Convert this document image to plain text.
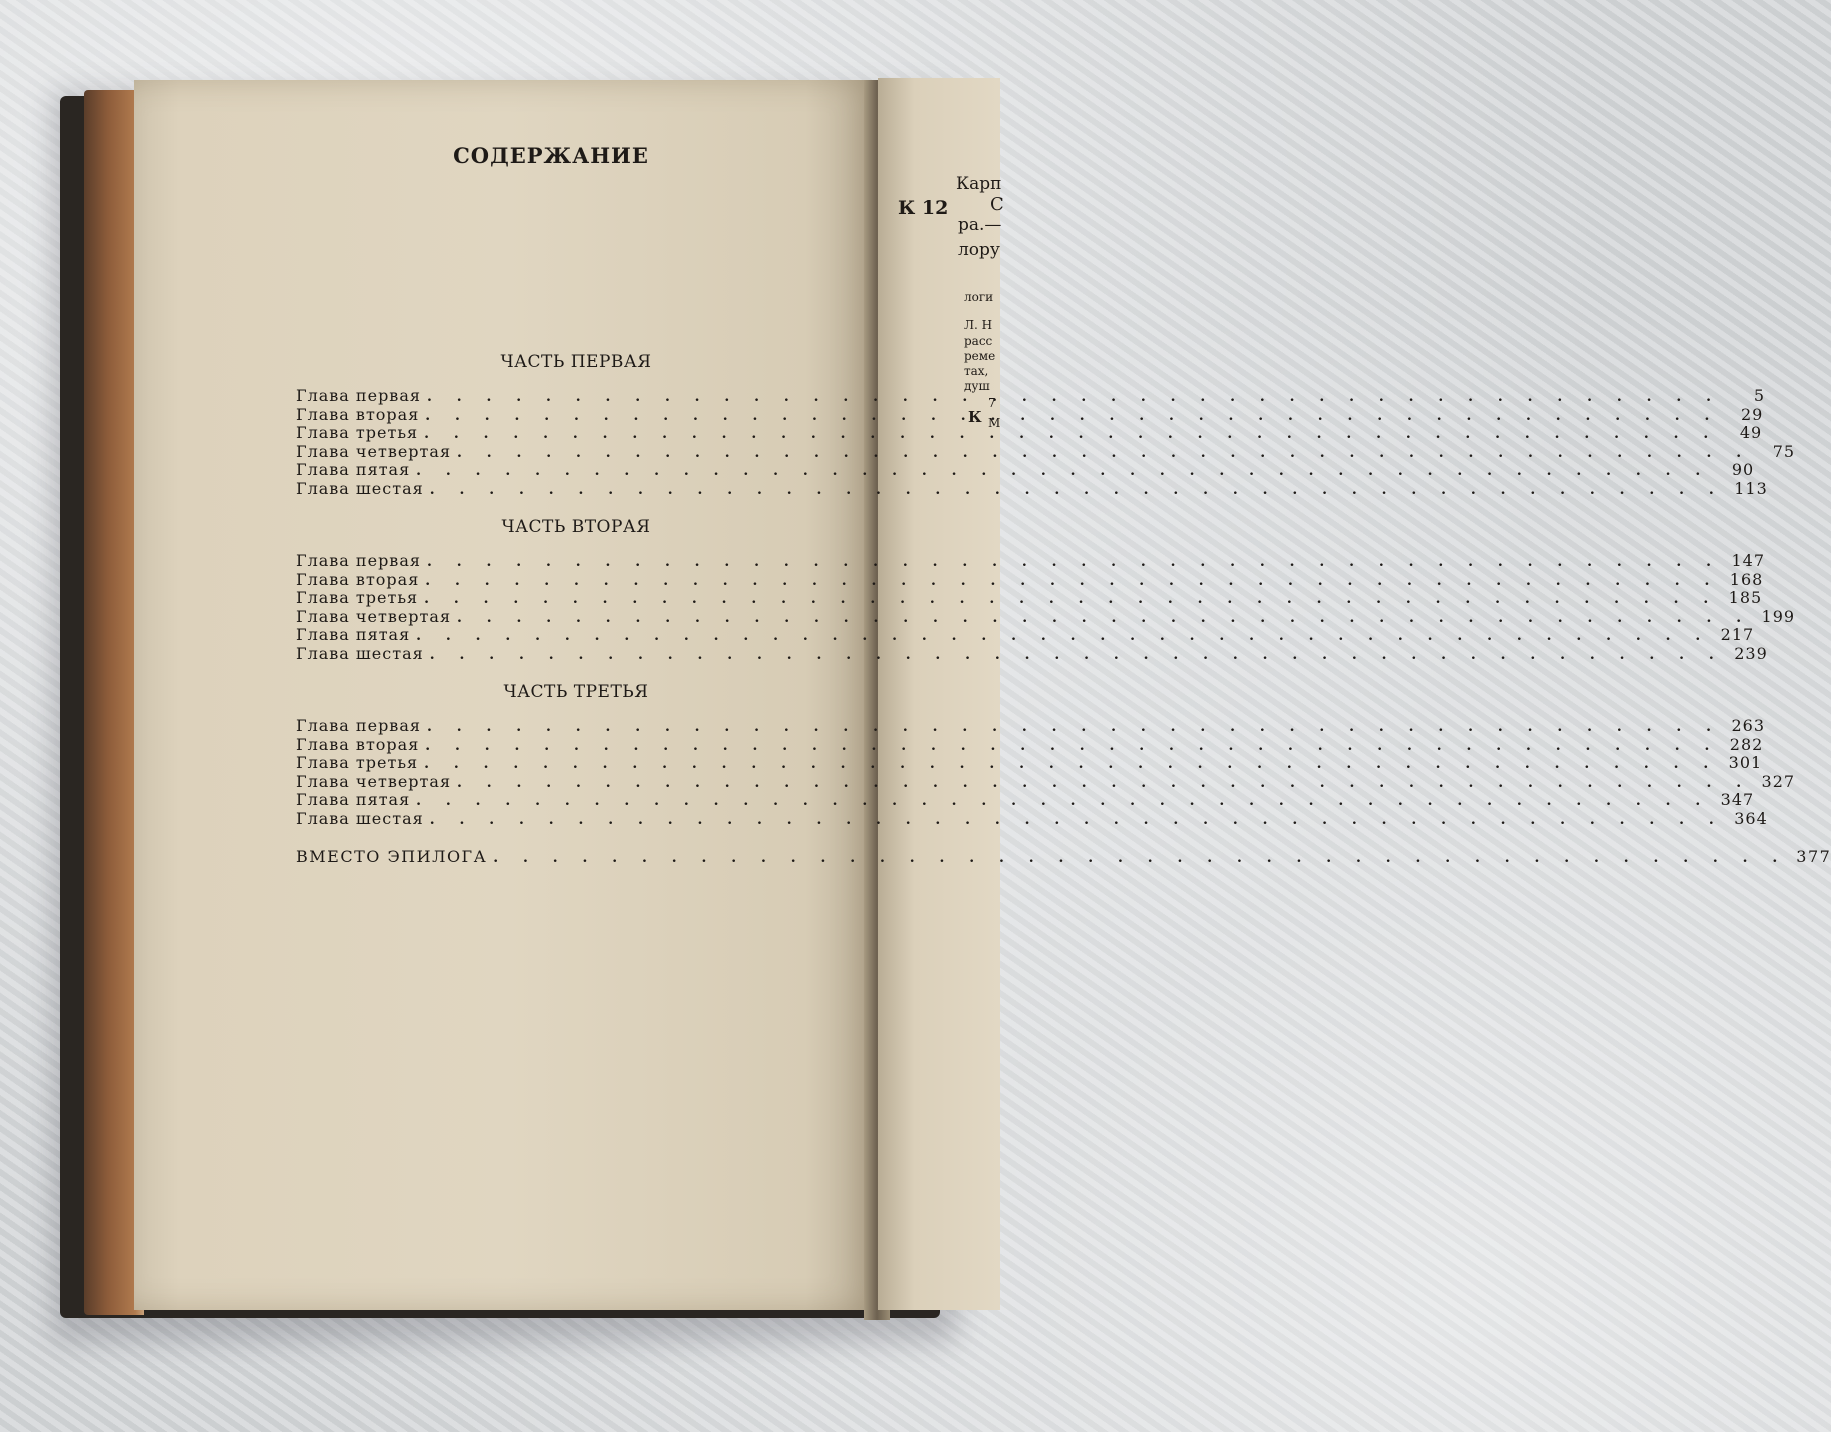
Карп
К 12 С
ра.—
лору
логи
Л. Н
расс
реме
тах,
душ
К
7
М
СОДЕРЖАНИЕ
ЧАСТЬ ПЕРВАЯ
Глава первая . . .	5
Глава вторая . . .	29
Глава третья . . .	49
Глава четвертая . . .	75
Глава пятая . . .	90
Глава шестая . . .	113
ЧАСТЬ ВТОРАЯ
Глава первая . . .	147
Глава вторая . . .	168
Глава третья . . .	185
Глава четвертая . . .	199
Глава пятая . . .	217
Глава шестая . . .	239
ЧАСТЬ ТРЕТЬЯ
Глава первая . . .	263
Глава вторая . . .	282
Глава третья . . .	301
Глава четвертая . . .	327
Глава пятая . . .	347
Глава шестая . . .	364
ВМЕСТО ЭПИЛОГА . . .	377
